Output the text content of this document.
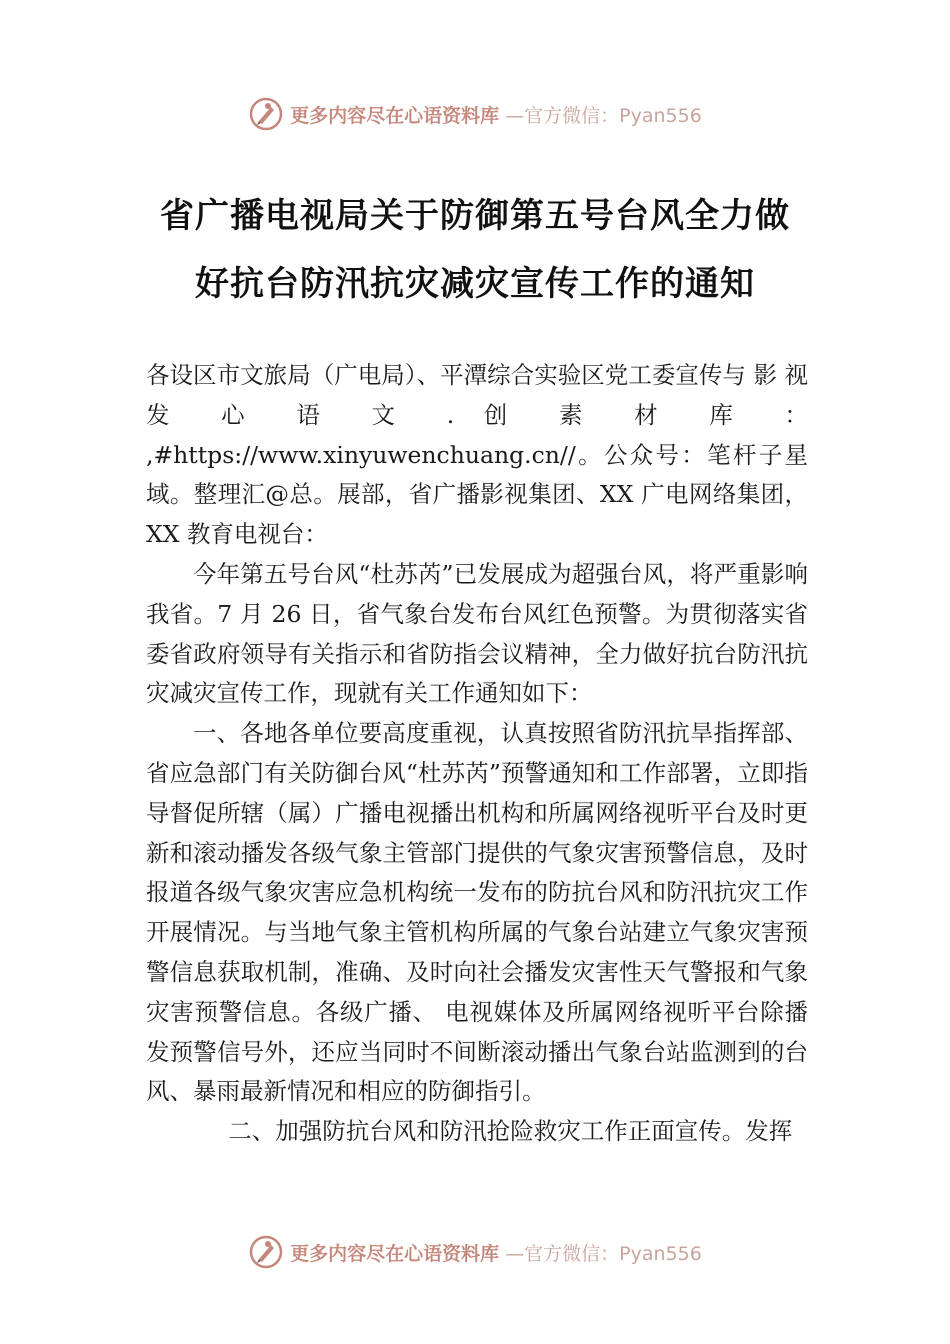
更多内容尽在心语资料库 —官方微信：Pyan556
省广播电视局关于防御第五号台风全力做
好抗台防汛抗灾减灾宣传工作的通知

各设区市文旅局（广电局）、平潭综合实验区党工委宣传与 影 视 发 心 语 文 . 创 素 材 库 ： ,#https://www.xinyuwenchuang.cn//。公众号：笔杆子星域。整理汇@总。展部，省广播影视集团、XX 广电网络集团，XX 教育电视台：

今年第五号台风“杜苏芮”已发展成为超强台风，将严重影响我省。7 月 26 日，省气象台发布台风红色预警。为贯彻落实省委省政府领导有关指示和省防指会议精神，全力做好抗台防汛抗灾减灾宣传工作，现就有关工作通知如下：

一、各地各单位要高度重视，认真按照省防汛抗旱指挥部、省应急部门有关防御台风“杜苏芮”预警通知和工作部署，立即指导督促所辖（属）广播电视播出机构和所属网络视听平台及时更新和滚动播发各级气象主管部门提供的气象灾害预警信息，及时报道各级气象灾害应急机构统一发布的防抗台风和防汛抗灾工作开展情况。与当地气象主管机构所属的气象台站建立气象灾害预警信息获取机制，准确、及时向社会播发灾害性天气警报和气象灾害预警信息。各级广播、 电视媒体及所属网络视听平台除播发预警信号外，还应当同时不间断滚动播出气象台站监测到的台风、暴雨最新情况和相应的防御指引。

二、加强防抗台风和防汛抢险救灾工作正面宣传。发挥

更多内容尽在心语资料库 —官方微信：Pyan556
